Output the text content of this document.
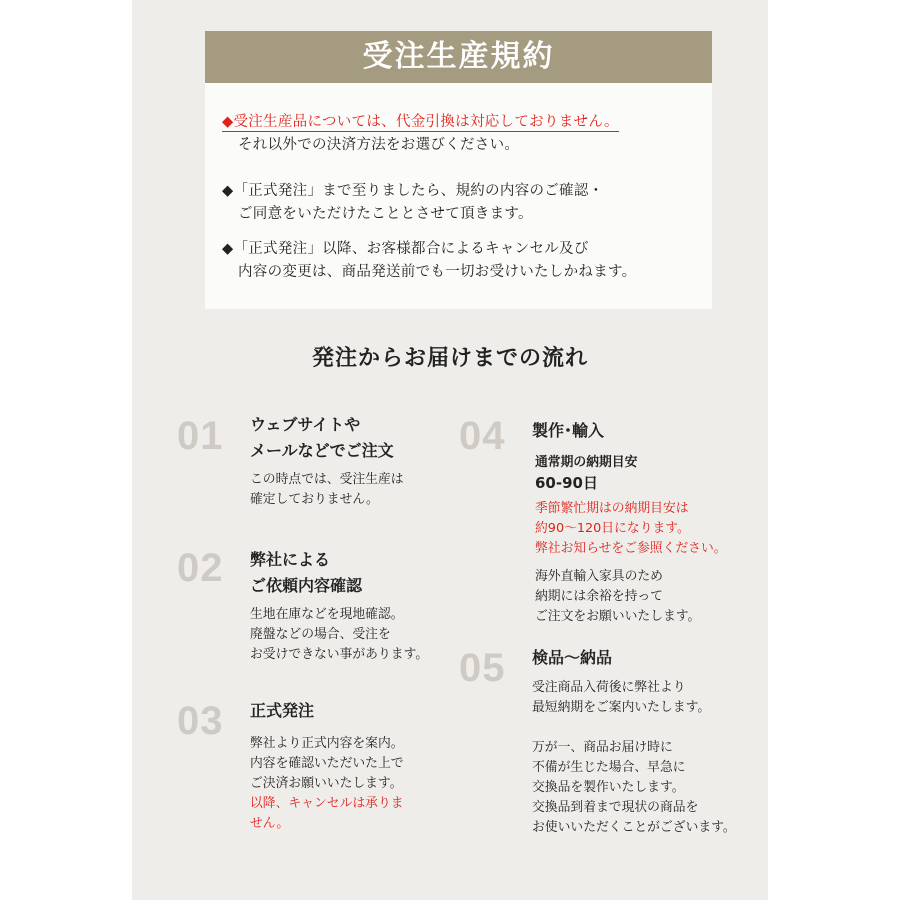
受注生産規約
◆受注生産品については、代金引換は対応しておりません。
それ以外での決済方法をお選びください。
◆「正式発注」まで至りましたら、規約の内容のご確認・
ご同意をいただけたこととさせて頂きます。
◆「正式発注」以降、お客様都合によるキャンセル及び
内容の変更は、商品発送前でも一切お受けいたしかねます。
発注からお届けまでの流れ
01 ウェブサイトや
メールなどでご注文
この時点では、受注生産は
確定しておりません。
02 弊社による
ご依頼内容確認
生地在庫などを現地確認。
廃盤などの場合、受注を
お受けできない事があります。
03 正式発注
弊社より正式内容を案内。
内容を確認いただいた上で
ご決済お願いいたします。
以降、キャンセルは承りま
せん。
04 製作･輸入
通常期の納期目安
60-90日
季節繁忙期はの納期目安は
約90〜120日になります。
弊社お知らせをご参照ください。
海外直輸入家具のため
納期には余裕を持って
ご注文をお願いいたします。
05 検品〜納品
受注商品入荷後に弊社より
最短納期をご案内いたします。
万が一、商品お届け時に
不備が生じた場合、早急に
交換品を製作いたします。
交換品到着まで現状の商品を
お使いいただくことがございます。
